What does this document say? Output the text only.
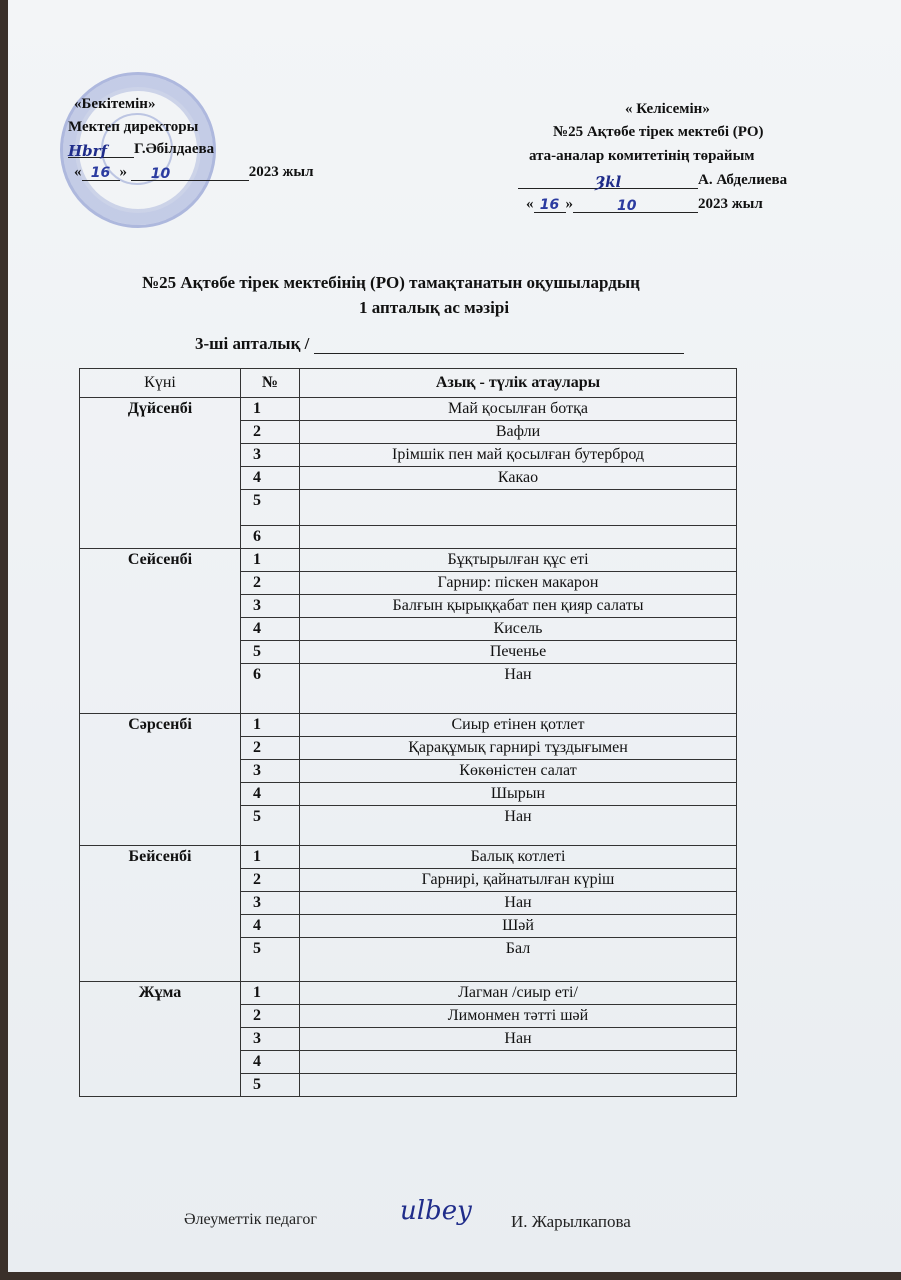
«Бекітемін»
Мектеп директоры
Hbrf Г.Әбілдаева
« 16 » 10	2023 жыл
« Келісемін»
№25 Ақтөбе тірек мектебі (РО)
ата-аналар комитетінің төрайым
Ȝkl	А. Абделиева
« 16 »	10	2023 жыл
№25 Ақтөбе тірек мектебінің (РО) тамақтанатын оқушылардың
1 апталық ас мәзірі
3-ші апталық /
Күні	№	Азық - түлік атаулары
Дүйсенбі	1	Май қосылған ботқа
	2	Вафли
	3	Ірімшік пен май қосылған бутерброд
	4	Какао
	5	
	6	
Сейсенбі	1	Бұқтырылған құс еті
	2	Гарнир: піскен макарон
	3	Балғын қырыққабат пен қияр салаты
	4	Кисель
	5	Печенье
	6	Нан
Сәрсенбі	1	Сиыр етінен қотлет
	2	Қарақұмық гарнирі тұздығымен
	3	Көкөністен салат
	4	Шырын
	5	Нан
Бейсенбі	1	Балық котлеті
	2	Гарнирі, қайнатылған күріш
	3	Нан
	4	Шәй
	5	Бал
Жұма	1	Лагман /сиыр еті/
	2	Лимонмен тәтті шәй
	3	Нан
	4	
	5	
Әлеуметтік педагог	ulbey И. Жарылкапова
